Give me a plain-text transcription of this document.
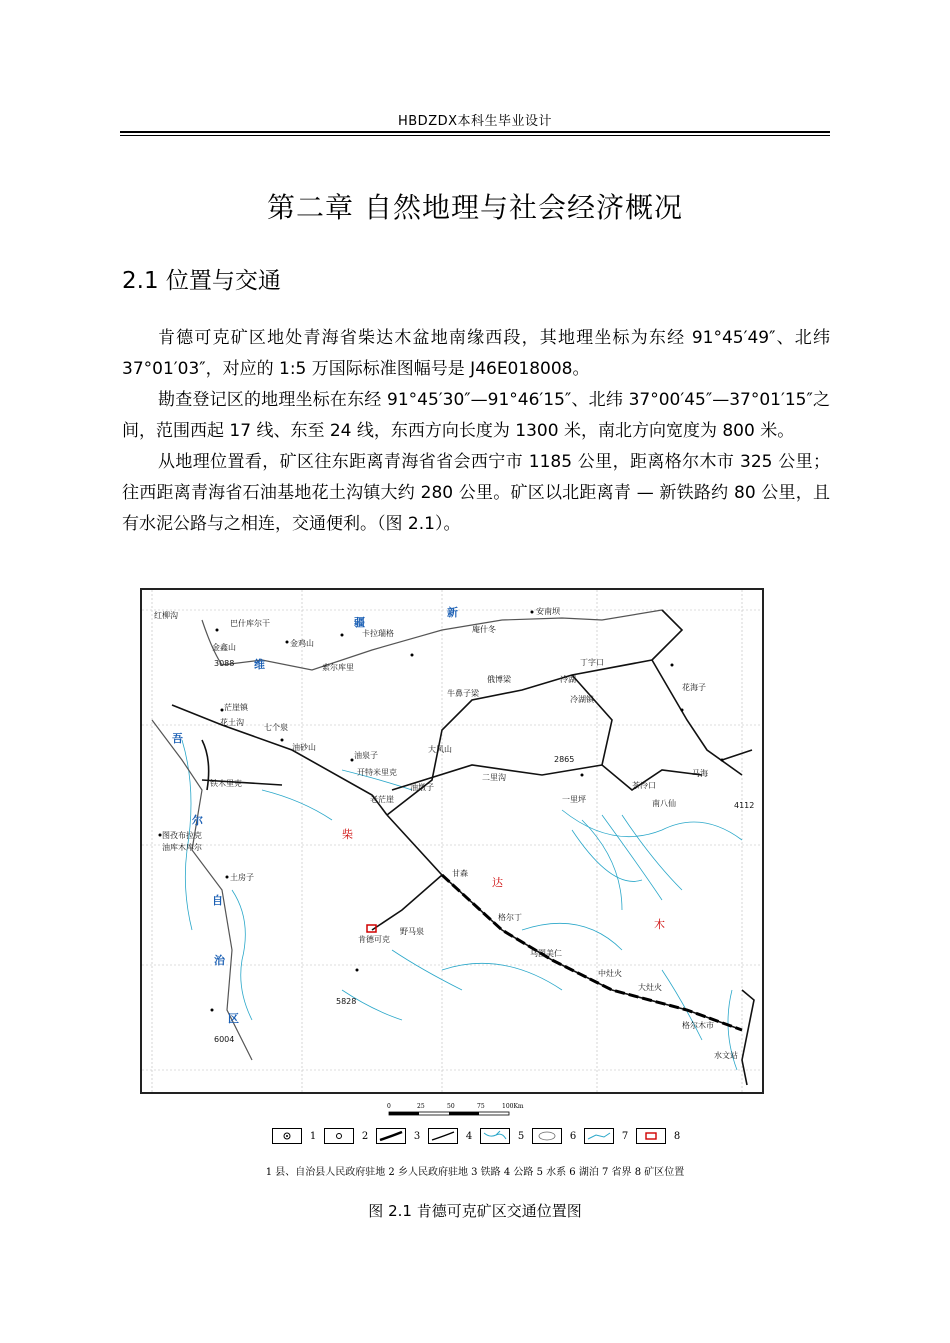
HBDZDX本科生毕业设计
第二章 自然地理与社会经济概况
2.1 位置与交通

肯德可克矿区地处青海省柴达木盆地南缘西段，其地理坐标为东经 91°45′49″、北纬 37°01′03″，对应的 1:5 万国际标准图幅号是 J46E018008。

勘查登记区的地理坐标在东经 91°45′30″—91°46′15″、北纬 37°00′45″—37°01′15″之间，范围西起 17 线、东至 24 线，东西方向长度为 1300 米，南北方向宽度为 800 米。

从地理位置看，矿区往东距离青海省省会西宁市 1185 公里，距离格尔木市 325 公里；往西距离青海省石油基地花土沟镇大约 280 公里。矿区以北距离青 — 新铁路约 80 公里，且有水泥公路与之相连，交通便利。（图 2.1）。

红柳沟
巴什库尔干
卡拉瑞格
安南坝
庵什冬
金鑫山	金鸡山
索尔库里
3088	丁字口
冷湖
俄博梁
牛鼻子梁
冷湖镇
花海子
茫崖镇
七个泉
花土沟
油砂山	大风山
油泉子
开特米里克
2865
二里沟	马海
茶冷口
铁木里克	油墩子
老茫崖	一里坪	南八仙	4112
图孜布拉克
油库木库尔
土房子	甘森
格尔丁
肯德可克
野马泉
乌图美仁
中灶火
大灶火
格尔木市
水文站
5828
6004
新
疆
维
吾
尔
自
治
区
柴
达
木
0	25	50	75	100Km
1	2	3	4	5	6	7	8
1 县、自治县人民政府驻地 2 乡人民政府驻地 3 铁路 4 公路 5 水系 6 湖泊 7 省界 8 矿区位置
图 2.1 肯德可克矿区交通位置图
